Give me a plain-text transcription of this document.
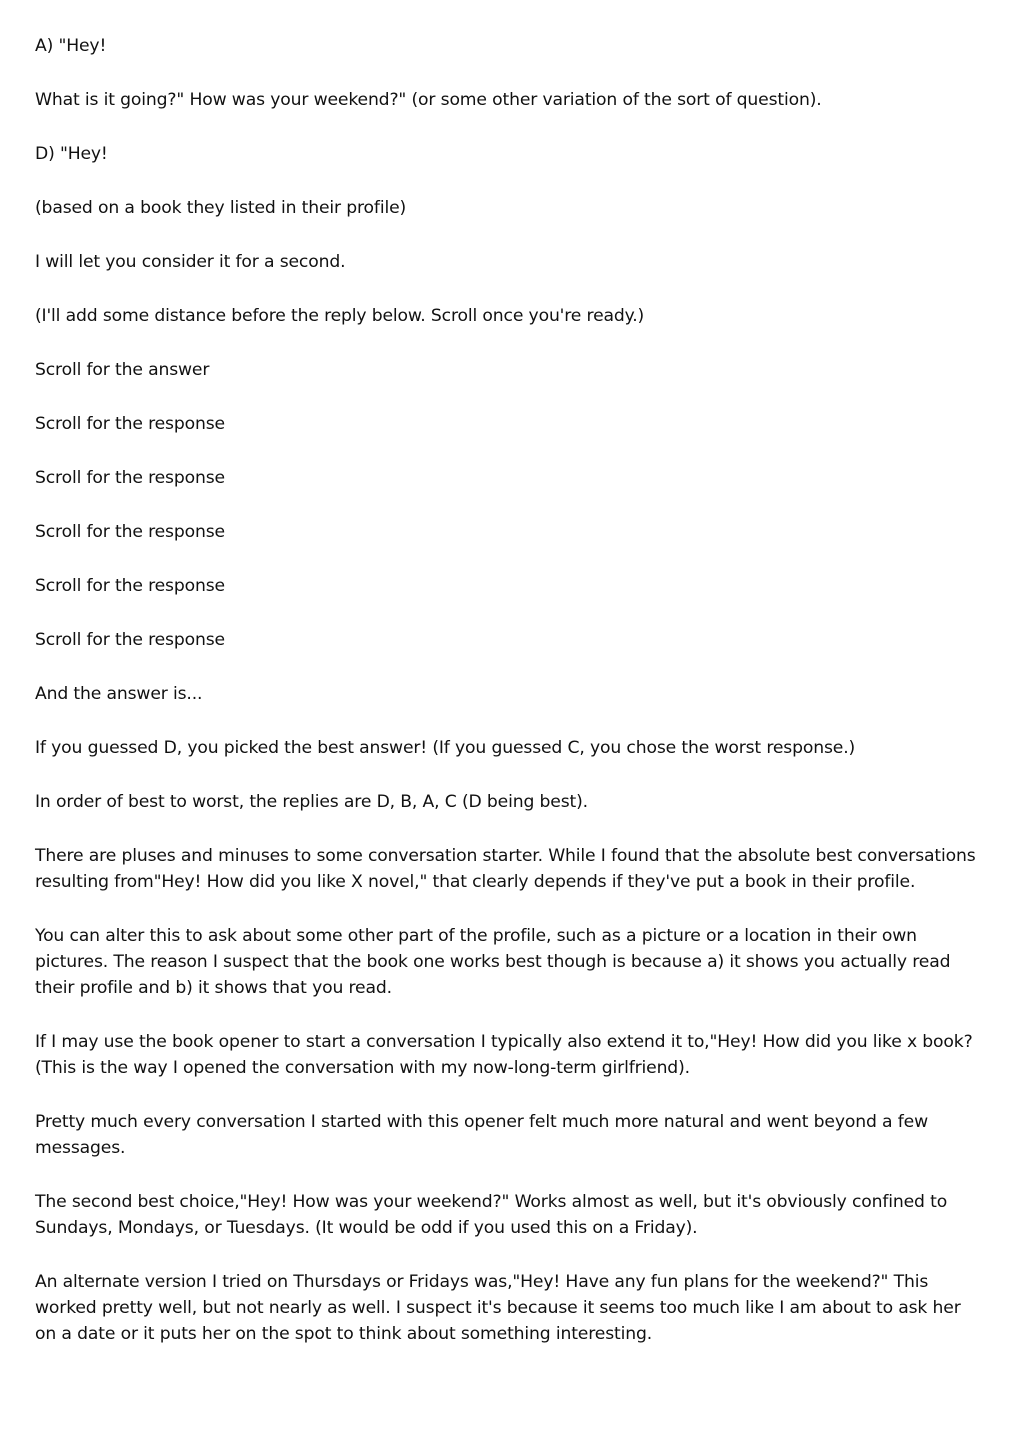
A) "Hey!

What is it going?" How was your weekend?" (or some other variation of the sort of question).

D) "Hey!

(based on a book they listed in their profile)

I will let you consider it for a second.

(I'll add some distance before the reply below. Scroll once you're ready.)

Scroll for the answer

Scroll for the response

Scroll for the response

Scroll for the response

Scroll for the response

Scroll for the response

And the answer is...

If you guessed D, you picked the best answer! (If you guessed C, you chose the worst response.)

In order of best to worst, the replies are D, B, A, C (D being best).

There are pluses and minuses to some conversation starter. While I found that the absolute best conversations resulting from"Hey! How did you like X novel," that clearly depends if they've put a book in their profile.

You can alter this to ask about some other part of the profile, such as a picture or a location in their own pictures. The reason I suspect that the book one works best though is because a) it shows you actually read their profile and b) it shows that you read.

If I may use the book opener to start a conversation I typically also extend it to,"Hey! How did you like x book? (This is the way I opened the conversation with my now-long-term girlfriend).

Pretty much every conversation I started with this opener felt much more natural and went beyond a few messages.

The second best choice,"Hey! How was your weekend?" Works almost as well, but it's obviously confined to Sundays, Mondays, or Tuesdays. (It would be odd if you used this on a Friday).

An alternate version I tried on Thursdays or Fridays was,"Hey! Have any fun plans for the weekend?" This worked pretty well, but not nearly as well. I suspect it's because it seems too much like I am about to ask her on a date or it puts her on the spot to think about something interesting.
